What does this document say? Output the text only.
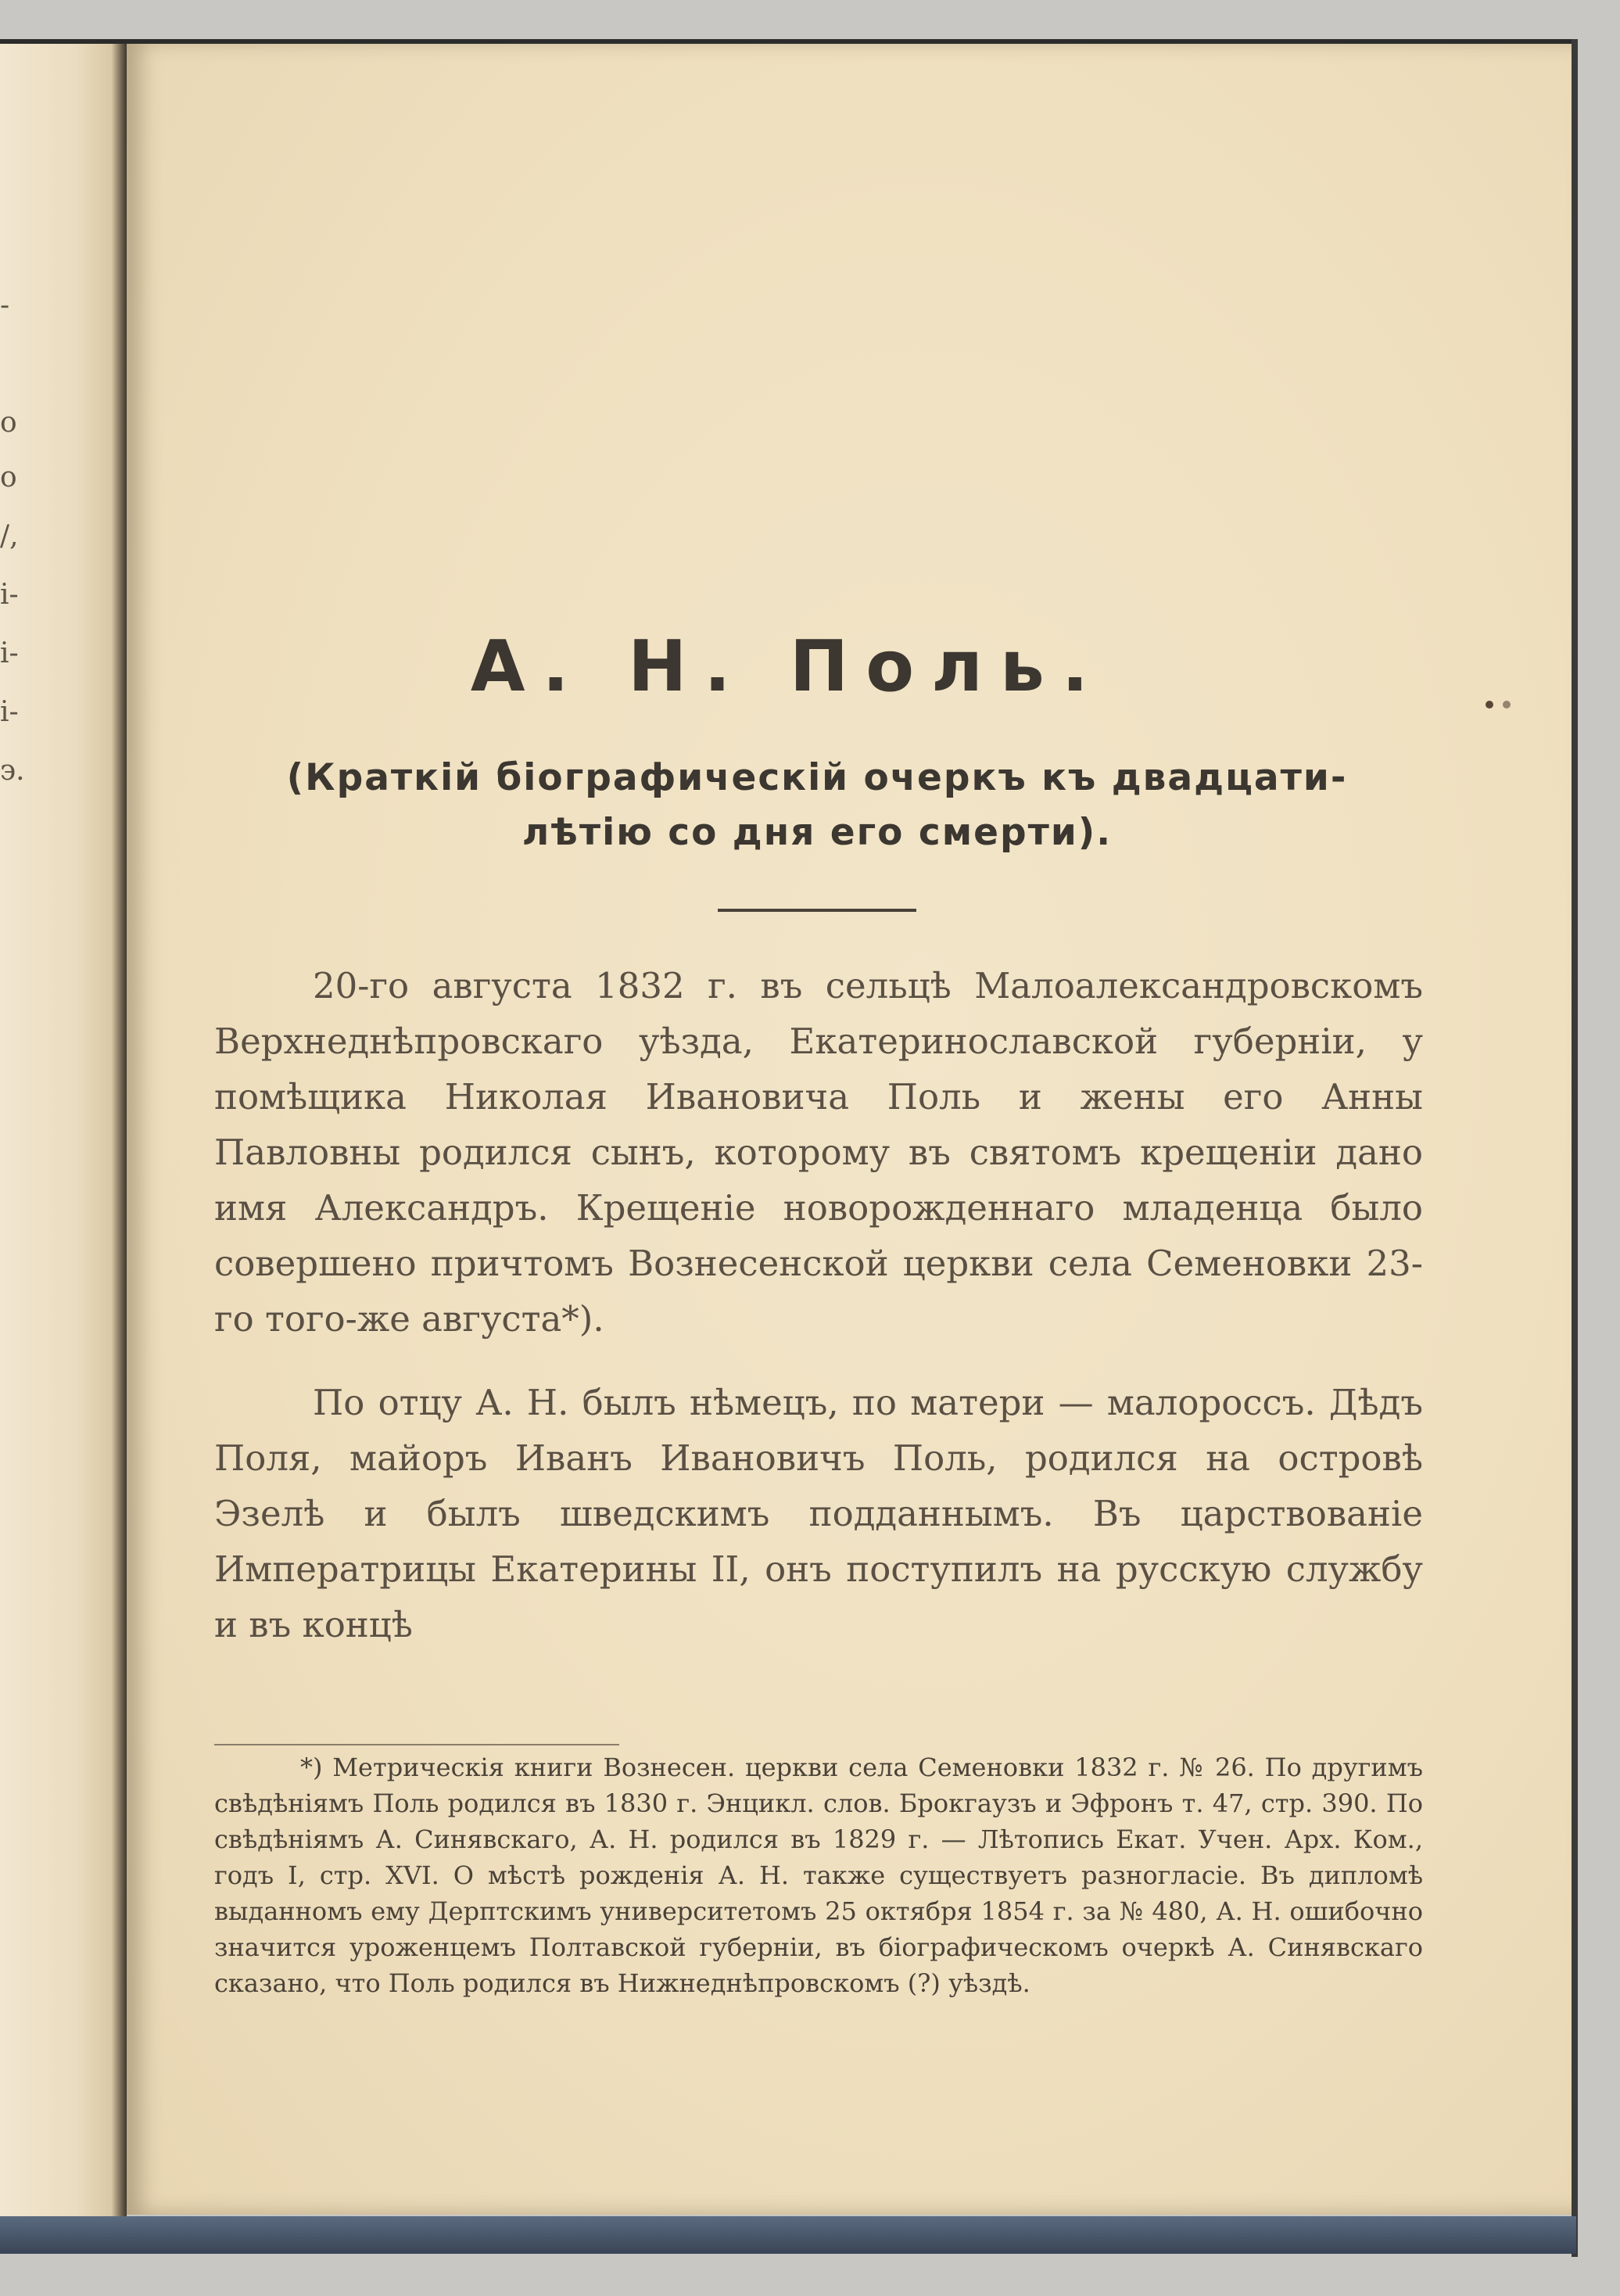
-
o
o
/,
i-
i-
i-
э.
А. Н. Поль.
(Краткій біографическій очеркъ къ двадцати-
лѣтію со дня его смерти).

20-го августа 1832 г. въ сельцѣ Малоалександровскомъ Верхнеднѣпровскаго уѣзда, Екатеринославской губерніи, у помѣщика Николая Ивановича Поль и жены его Анны Павловны родился сынъ, которому въ святомъ крещеніи дано имя Александръ. Крещеніе новорожденнаго младенца было совершено причтомъ Вознесенской церкви села Семеновки 23-го того-же августа*).

По отцу А. Н. былъ нѣмецъ, по матери — малороссъ. Дѣдъ Поля, майоръ Иванъ Ивановичъ Поль, родился на островѣ Эзелѣ и былъ шведскимъ подданнымъ. Въ царствованіе Императрицы Екатерины II, онъ поступилъ на русскую службу и въ концѣ

*) Метрическія книги Вознесен. церкви села Семеновки 1832 г. № 26. По другимъ свѣдѣніямъ Поль родился въ 1830 г. Энцикл. слов. Брокгаузъ и Эфронъ т. 47, стр. 390. По свѣдѣніямъ А. Синявскаго, А. Н. родился въ 1829 г. — Лѣтопись Екат. Учен. Арх. Ком., годъ I, стр. XVI. О мѣстѣ рожденія А. Н. также существуетъ разногласіе. Въ дипломѣ выданномъ ему Дерптскимъ университетомъ 25 октября 1854 г. за № 480, А. Н. ошибочно значится уроженцемъ Полтавской губерніи, въ біографическомъ очеркѣ А. Синявскаго сказано, что Поль родился въ Нижнеднѣпровскомъ (?) уѣздѣ.
